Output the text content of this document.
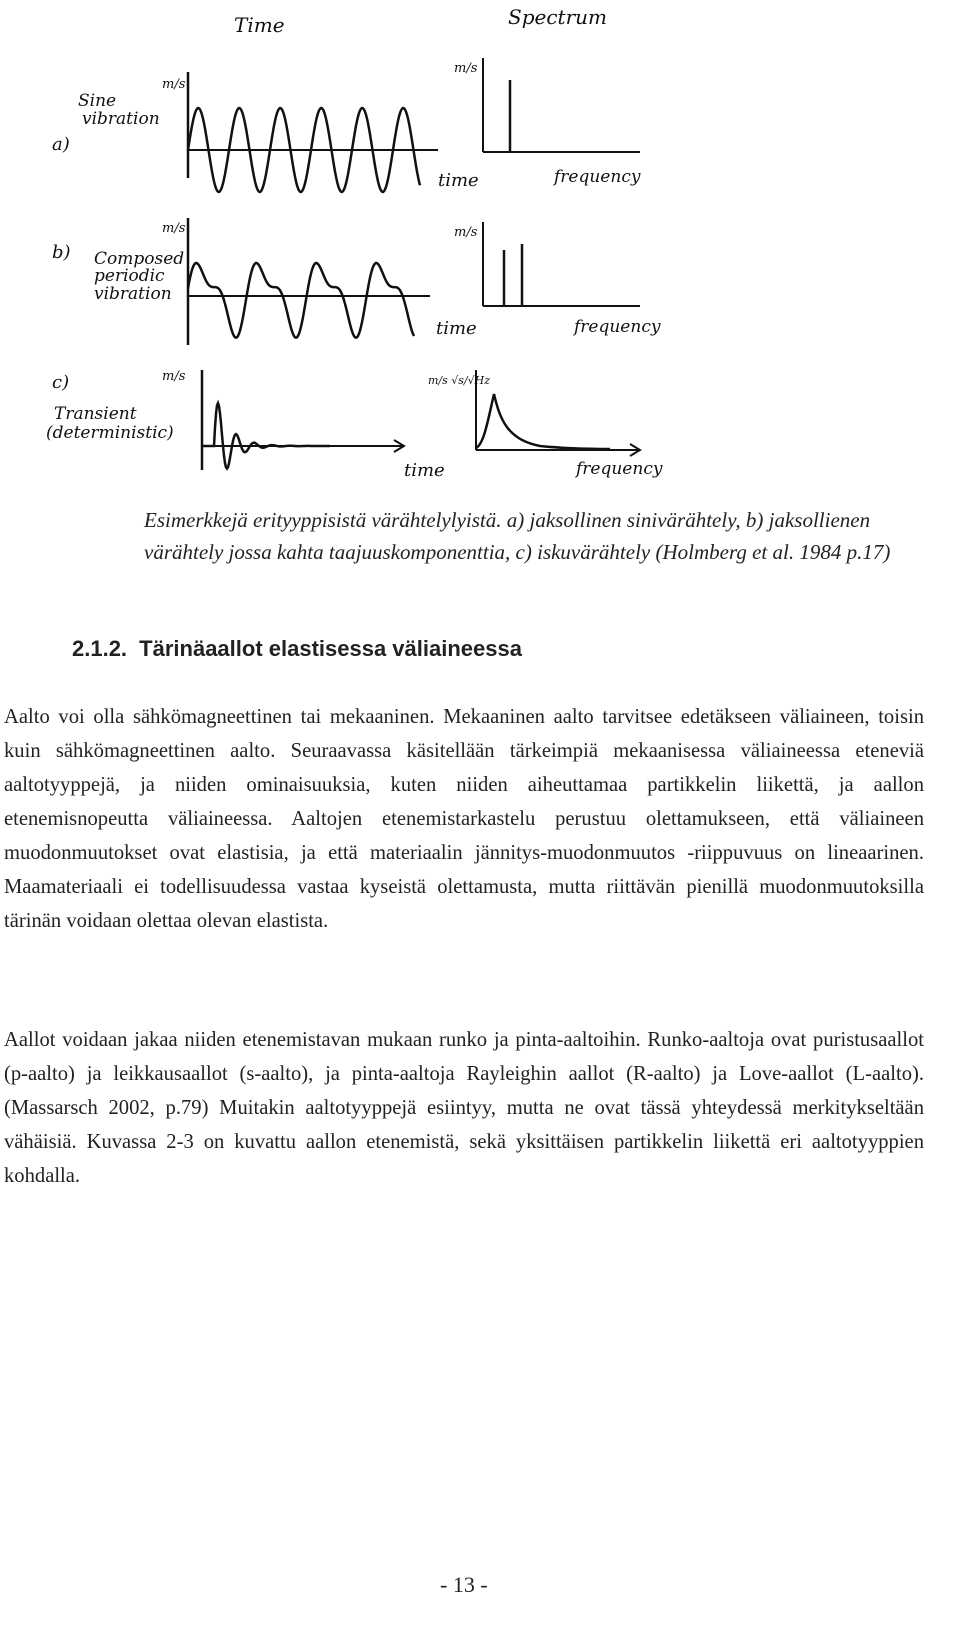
Time	Spectrum
a)
Sine
vibration
m/s
time
m/s
frequency
b) Composed
periodic
vibration
m/s
time
m/s
frequency
c)
Transient
(deterministic)
m/s
time
m/s √s/√Hz
frequency
Esimerkkejä erityyppisistä värähtelylyistä. a) jaksollinen sinivärähtely, b) jaksollienen värähtely jossa kahta taajuuskomponenttia, c) iskuvärähtely (Holmberg et al. 1984 p.17)
2.1.2. Tärinäaallot elastisessa väliaineessa
Aalto voi olla sähkömagneettinen tai mekaaninen. Mekaaninen aalto tarvitsee edetäkseen väliaineen, toisin kuin sähkömagneettinen aalto. Seuraavassa käsitellään tärkeimpiä mekaanisessa väliaineessa eteneviä aaltotyyppejä, ja niiden ominaisuuksia, kuten niiden aiheuttamaa partikkelin liikettä, ja aallon etenemisnopeutta väliaineessa. Aaltojen etenemistarkastelu perustuu olettamukseen, että väliaineen muodonmuutokset ovat elastisia, ja että materiaalin jännitys-muodonmuutos -riippuvuus on lineaarinen. Maamateriaali ei todellisuudessa vastaa kyseistä olettamusta, mutta riittävän pienillä muodonmuutoksilla tärinän voidaan olettaa olevan elastista.
Aallot voidaan jakaa niiden etenemistavan mukaan runko ja pinta-aaltoihin. Runko-aaltoja ovat puristusaallot (p-aalto) ja leikkausaallot (s-aalto), ja pinta-aaltoja Rayleighin aallot (R-aalto) ja Love-aallot (L-aalto). (Massarsch 2002, p.79) Muitakin aaltotyyppejä esiintyy, mutta ne ovat tässä yhteydessä merkitykseltään vähäisiä. Kuvassa 2-3 on kuvattu aallon etenemistä, sekä yksittäisen partikkelin liikettä eri aaltotyyppien kohdalla.
- 13 -
